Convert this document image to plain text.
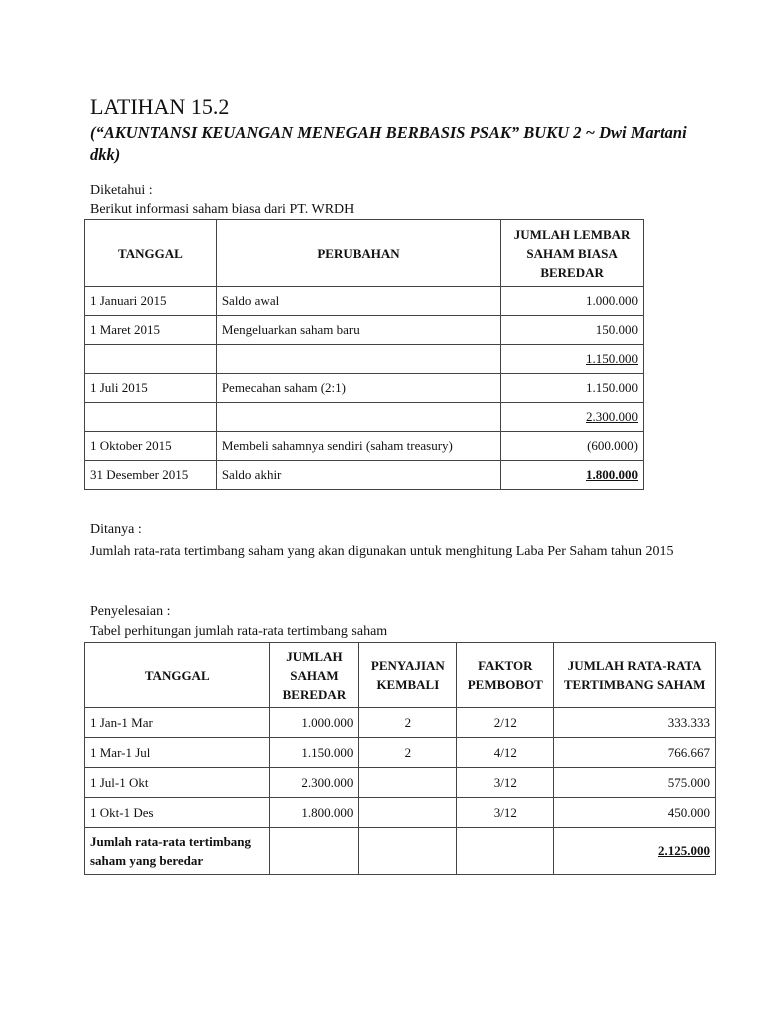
LATIHAN 15.2
(“AKUNTANSI KEUANGAN MENEGAH BERBASIS PSAK” BUKU 2 ~ Dwi Martani dkk)
Diketahui :
Berikut informasi saham biasa dari PT. WRDH
TANGGAL	PERUBAHAN	JUMLAH LEMBAR SAHAM BIASA BEREDAR
1 Januari 2015	Saldo awal	1.000.000
1 Maret 2015	Mengeluarkan saham baru	150.000
		1.150.000
1 Juli 2015	Pemecahan saham (2:1)	1.150.000
		2.300.000
1 Oktober 2015	Membeli sahamnya sendiri (saham treasury)	(600.000)
31 Desember 2015	Saldo akhir	1.800.000
Ditanya :
Jumlah rata-rata tertimbang saham yang akan digunakan untuk menghitung Laba Per Saham tahun 2015
Penyelesaian :
Tabel perhitungan jumlah rata-rata tertimbang saham
TANGGAL	JUMLAH SAHAM BEREDAR	PENYAJIAN KEMBALI	FAKTOR PEMBOBOT	JUMLAH RATA-RATA TERTIMBANG SAHAM
1 Jan-1 Mar	1.000.000	2	2/12	333.333
1 Mar-1 Jul	1.150.000	2	4/12	766.667
1 Jul-1 Okt	2.300.000		3/12	575.000
1 Okt-1 Des	1.800.000		3/12	450.000
Jumlah rata-rata tertimbang saham yang beredar				2.125.000
